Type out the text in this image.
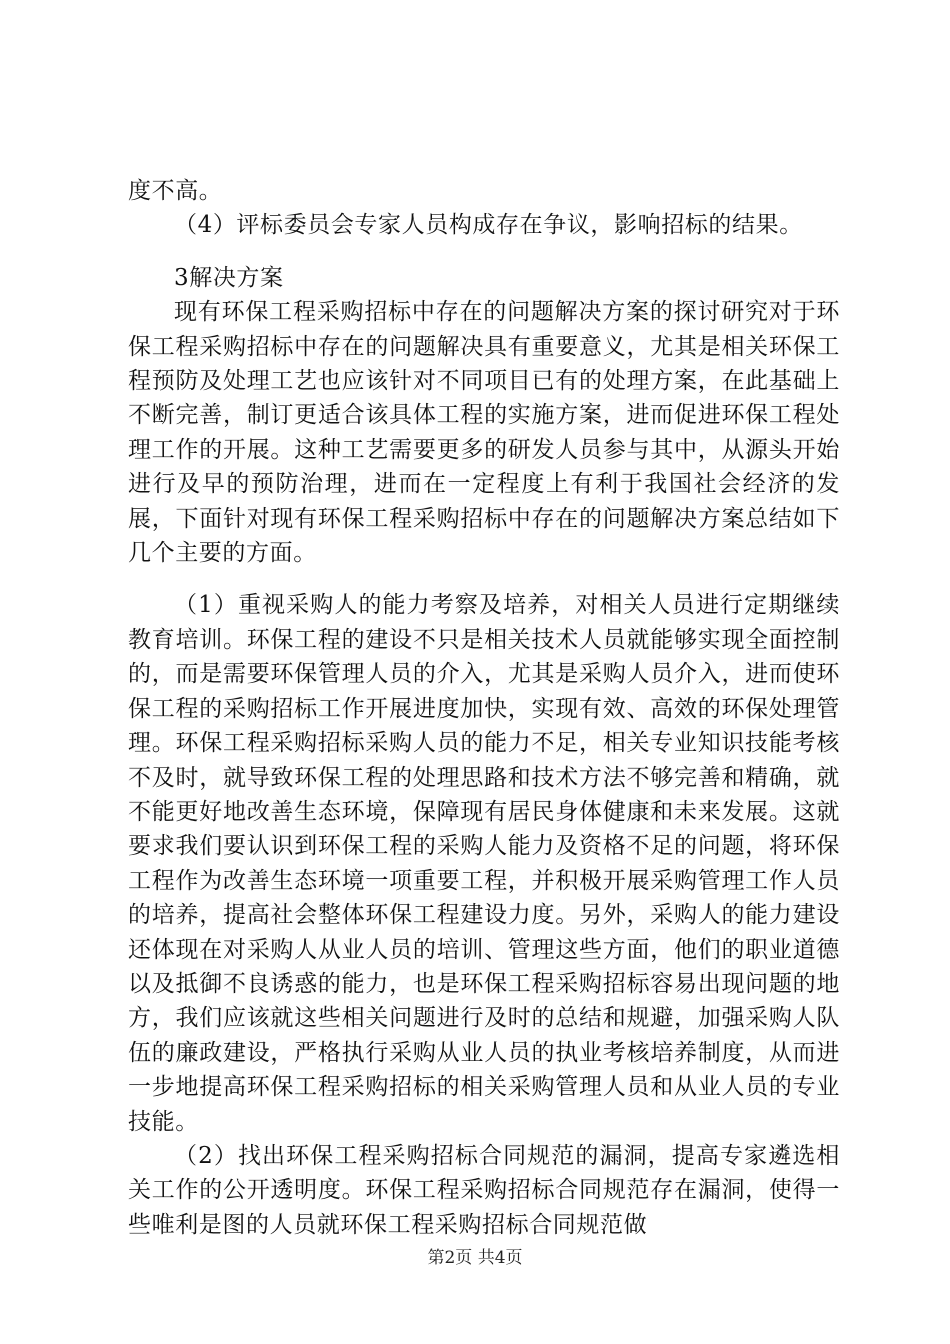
度不高。

（4）评标委员会专家人员构成存在争议，影响招标的结果。

3解决方案

现有环保工程采购招标中存在的问题解决方案的探讨研究对于环保工程采购招标中存在的问题解决具有重要意义，尤其是相关环保工程预防及处理工艺也应该针对不同项目已有的处理方案，在此基础上不断完善，制订更适合该具体工程的实施方案，进而促进环保工程处理工作的开展。这种工艺需要更多的研发人员参与其中，从源头开始进行及早的预防治理，进而在一定程度上有利于我国社会经济的发展，下面针对现有环保工程采购招标中存在的问题解决方案总结如下几个主要的方面。

（1）重视采购人的能力考察及培养，对相关人员进行定期继续教育培训。环保工程的建设不只是相关技术人员就能够实现全面控制的，而是需要环保管理人员的介入，尤其是采购人员介入，进而使环保工程的采购招标工作开展进度加快，实现有效、高效的环保处理管理。环保工程采购招标采购人员的能力不足，相关专业知识技能考核不及时，就导致环保工程的处理思路和技术方法不够完善和精确，就不能更好地改善生态环境，保障现有居民身体健康和未来发展。这就要求我们要认识到环保工程的采购人能力及资格不足的问题，将环保工程作为改善生态环境一项重要工程，并积极开展采购管理工作人员的培养，提高社会整体环保工程建设力度。另外，采购人的能力建设还体现在对采购人从业人员的培训、管理这些方面，他们的职业道德以及抵御不良诱惑的能力，也是环保工程采购招标容易出现问题的地方，我们应该就这些相关问题进行及时的总结和规避，加强采购人队伍的廉政建设，严格执行采购从业人员的执业考核培养制度，从而进一步地提高环保工程采购招标的相关采购管理人员和从业人员的专业技能。

（2）找出环保工程采购招标合同规范的漏洞，提高专家遴选相关工作的公开透明度。环保工程采购招标合同规范存在漏洞，使得一些唯利是图的人员就环保工程采购招标合同规范做

第2页 共4页
